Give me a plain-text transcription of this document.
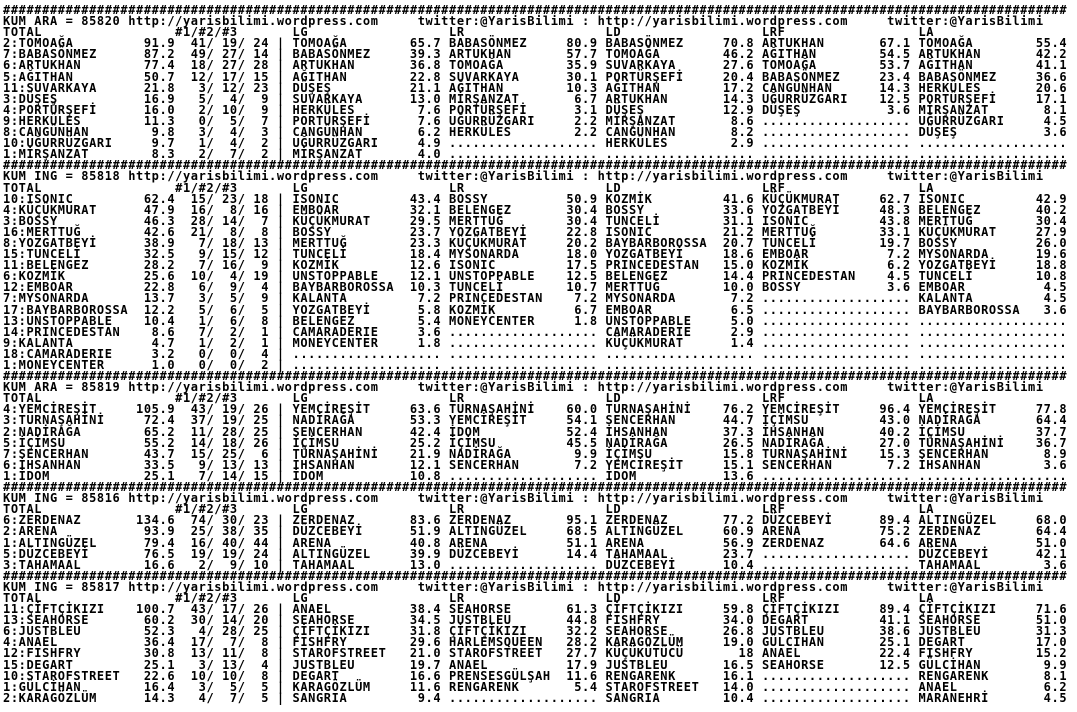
########################################################################################################################################
KUM ARA = 85820 http://yarisbilimi.wordpress.com     twitter:@YarisBilimi : http://yarisbilimi.wordpress.com     twitter:@YarisBilimi
TOTAL                 #1/#2/#3       LG                  LR                  LD                  LRF                 LA
2:TOMOAĞA         91.9  41/ 19/ 24 | TOMOAĞA        65.7 BABASÖNMEZ     80.9 BABASÖNMEZ     70.8 ARTUKHAN       67.1 TOMOAĞA        55.4
7:BABASÖNMEZ      87.2  49/ 27/ 14 | BABASÖNMEZ     39.3 ARTUKHAN       57.7 TOMOAĞA        46.2 AĞITHAN        54.5 ARTUKHAN       42.2
6:ARTUKHAN        77.4  18/ 27/ 28 | ARTUKHAN       36.8 TOMOAĞA        35.9 SUVARKAYA      27.6 TOMOAĞA        53.7 AĞITHAN        41.1
5:AĞITHAN         50.7  12/ 17/ 15 | AĞITHAN        22.8 SUVARKAYA      30.1 PORTÜRŞEFİ     20.4 BABASÖNMEZ     23.4 BABASÖNMEZ     36.6
11:SUVARKAYA      21.8   3/ 12/ 23 | DÜŞEŞ          21.1 AĞITHAN        10.3 AĞITHAN        17.2 CANGÜNHAN      14.3 HERKÜLES       20.6
3:DÜŞEŞ           16.9   5/  4/  9 | SUVARKAYA      13.0 MİRŞANZAT       6.7 ARTUKHAN       14.3 UĞURRÜZGARI    12.5 PORTÜRŞEFİ     17.1
4:PORTÜRŞEFİ      16.0   2/ 10/  9 | HERKÜLES        7.6 PORTÜRŞEFİ      3.1 DÜŞEŞ          12.9 DÜŞEŞ           3.6 MİRŞANZAT       8.1
9:HERKÜLES        11.3   0/  5/  7 | PORTÜRŞEFİ      7.6 UĞURRÜZGARI     2.2 MİRŞANZAT       8.6 ................... UĞURRÜZGARI     4.5
8:CANGÜNHAN        9.8   3/  4/  3 | CANGÜNHAN       6.2 HERKÜLES        2.2 CANGÜNHAN       8.2 ................... DÜŞEŞ           3.6
10:UĞURRÜZGARI     9.7   1/  4/  2 | UĞURRÜZGARI     4.9 ................... HERKÜLES        2.9 ................... ...................
1:MİRŞANZAT        8.3   2/  7/  2 | MİRŞANZAT       4.0 ................... ................... ................... ...................
########################################################################################################################################
KUM ING = 85818 http://yarisbilimi.wordpress.com     twitter:@YarisBilimi : http://yarisbilimi.wordpress.com     twitter:@YarisBilimi
TOTAL                 #1/#2/#3       LG                  LR                  LD                  LRF                 LA
10:ISONIC         62.4  15/ 23/ 18 | ISONIC         43.4 BOSSY          50.9 KOZMİK         41.6 KÜÇÜKMURAT     62.7 ISONIC         42.9
4:KÜÇÜKMURAT      47.9  16/  8/ 16 | EMBOAR         32.1 BELENGEZ       30.4 BOSSY          33.6 YOZGATBEYİ     48.3 BELENGEZ       40.2
3:BOSSY           46.3  28/ 14/  7 | KÜÇÜKMURAT     29.5 MERTTUĞ        30.4 TUNCELİ        31.1 ISONIC         43.8 MERTTUĞ        30.4
16:MERTTUĞ        42.6  21/  8/  8 | BOSSY          23.7 YOZGATBEYİ     22.8 ISONIC         21.2 MERTTUĞ        33.1 KÜÇÜKMURAT     27.9
8:YOZGATBEYİ      38.9   7/ 18/ 13 | MERTTUĞ        23.3 KÜÇÜKMURAT     20.2 BAYBARBOROSSA  20.7 TUNCELİ        19.7 BOSSY          26.0
15:TUNCELİ        32.5   9/ 15/ 12 | TUNCELİ        18.4 MYSONARDA      18.0 YOZGATBEYİ     18.6 EMBOAR          7.2 MYSONARDA      19.6
11:BELENGEZ       28.2   7/ 16/  9 | KOZMİK         12.6 ISONIC         17.5 PRINCEDESTAN   15.0 KOZMİK          6.2 YOZGATBEYİ     18.8
6:KOZMİK          25.6  10/  4/ 19 | UNSTOPPABLE    12.1 UNSTOPPABLE    12.5 BELENGEZ       14.4 PRINCEDESTAN    4.5 TUNCELİ        10.8
12:EMBOAR         22.8   6/  9/  4 | BAYBARBOROSSA  10.3 TUNCELİ        10.7 MERTTUĞ        10.0 BOSSY           3.6 EMBOAR          4.5
7:MYSONARDA       13.7   3/  5/  9 | KALANTA         7.2 PRINCEDESTAN    7.2 MYSONARDA       7.2 ................... KALANTA         4.5
17:BAYBARBOROSSA  12.2   5/  6/  5 | YOZGATBEYİ      5.8 KOZMİK          6.7 EMBOAR          6.5 ................... BAYBARBOROSSA   3.6
13:UNSTOPPABLE    10.4   1/  6/  8 | BELENGEZ        5.4 MONEYCENTER     1.8 UNSTOPPABLE     5.0 ................... ...................
14:PRINCEDESTAN    8.6   7/  2/  1 | CAMARADERIE     3.6 ................... CAMARADERIE     2.9 ................... ...................
9:KALANTA          4.7   1/  2/  1 | MONEYCENTER     1.8 ................... KÜÇÜKMURAT      1.4 ................... ...................
18:CAMARADERIE     3.2   0/  0/  4 | ................... ................... ................... ................... ...................
1:MONEYCENTER      1.0   0/  0/  2 | ................... ................... ................... ................... ...................
########################################################################################################################################
KUM ARA = 85819 http://yarisbilimi.wordpress.com     twitter:@YarisBilimi : http://yarisbilimi.wordpress.com     twitter:@YarisBilimi
TOTAL                 #1/#2/#3       LG                  LR                  LD                  LRF                 LA
4:YEMCİREŞİT     105.9  43/ 19/ 26 | YEMCİREŞİT     63.6 TURNAŞAHİNİ    60.0 TURNAŞAHİNİ    76.2 YEMCİREŞİT     96.4 YEMCİREŞİT     77.8
3:TURNAŞAHİNİ     72.4  37/ 19/ 25 | NADİRAĞA       53.3 YEMCİREŞİT     54.1 SENCERHAN      44.7 İÇİMSU         43.0 NADİRAĞA       64.4
2:NADİRAĞA        65.2  11/ 28/ 25 | SENCERHAN      42.4 İDOM           52.4 İHSANHAN       37.3 İHSANHAN       40.2 İÇİMSU         37.7
5:İÇİMSU          55.2  14/ 18/ 26 | İÇİMSU         25.2 İÇİMSU         45.5 NADİRAĞA       26.5 NADİRAĞA       27.0 TÜRNAŞAHİNİ    36.7
7:SENCERHAN       43.7  15/ 25/  6 | TÜRNAŞAHİNİ    21.9 NADİRAĞA        9.9 İÇİMSU         15.8 TURNAŞAHİNİ    15.3 SENCERHAN       8.9
6:İHSANHAN        33.5   9/ 13/ 13 | İHSANHAN       12.1 SENCERHAN       7.2 YEMCİREŞİT     15.1 SENCERHAN       7.2 İHSANHAN        3.6
1:İDOM            25.1   7/ 14/ 15 | İDOM           10.8 ................... İDOM           13.6 ................... ...................
########################################################################################################################################
KUM ING = 85816 http://yarisbilimi.wordpress.com     twitter:@YarisBilimi : http://yarisbilimi.wordpress.com     twitter:@YarisBilimi
TOTAL                 #1/#2/#3       LG                  LR                  LD                  LRF                 LA
6:ZERDENAZ       134.6  74/ 30/ 23 | ZERDENAZ       83.6 ZERDENAZ       95.1 ZERDENAZ       77.2 DÜZCEBEYİ      89.4 ALTINGÜZEL     68.0
2:ARENA           93.9  25/ 38/ 35 | DÜZCEBEYİ      51.9 ALTINGÜZEL     68.5 ALTINGÜZEL     60.9 ARENA          75.2 ZERDENAZ       64.4
1:ALTINGÜZEL      79.4  16/ 40/ 44 | ARENA          40.8 ARENA          51.1 ARENA          56.9 ZERDENAZ       64.6 ARENA          51.0
5:DÜZCEBEYİ       76.5  19/ 19/ 24 | ALTINGÜZEL     39.9 DÜZCEBEYİ      14.4 TAHAMAAL       23.7 ................... DÜZCEBEYİ      42.1
3:TAHAMAAL        16.6   2/  9/ 10 | TAHAMAAL       13.0 ................... DÜZCEBEYİ      10.4 ................... TAHAMAAL        3.6
########################################################################################################################################
KUM ING = 85817 http://yarisbilimi.wordpress.com     twitter:@YarisBilimi : http://yarisbilimi.wordpress.com     twitter:@YarisBilimi
TOTAL                 #1/#2/#3       LG                  LR                  LD                  LRF                 LA
11:ÇİFTÇİKIZI    100.7  43/ 17/ 26 | ANAEL          38.4 SEAHORSE       61.3 ÇİFTÇİKIZI     59.8 ÇİFTÇİKIZI     89.4 ÇİFTÇİKIZI     71.6
13:SEAHORSE       60.2  30/ 14/ 20 | SEAHORSE       34.5 JUSTBLEU       44.8 FISHFRY        34.0 DEGART         41.1 SEAHORSE       51.0
6:JUSTBLEU        52.3   4/ 28/ 25 | ÇİFTÇİKIZI     31.8 ÇİFTÇİKIZI     32.2 SEAHORSE       26.8 JUSTBLEU       38.6 JUSTBLEU       31.3
4:ANAEL           36.4  17/  7/  8 | FISHFRY        29.6 HARLEMSQUEEN   28.2 KARAGÖZLÜM     19.0 GÜLCIHAN       25.1 DEGART         17.0
12:FISHFRY        30.8  13/ 11/  8 | STAROFSTREET   21.0 STAROFSTREET   27.7 KÜÇÜKÜTÜCÜ       18 ANAEL          22.4 FISHFRY        15.2
15:DEGART         25.1   3/ 13/  4 | JUSTBLEU       19.7 ANAEL          17.9 JUSTBLEU       16.5 SEAHORSE       12.5 GÜLCİHAN        9.9
10:STAROFSTREET   22.6  10/ 10/  8 | DEGART         16.6 PRENSESGÜLŞAH  11.6 RENGARENK      16.1 ................... RENGARENK       8.1
1:GÜLCİHAN        16.4   3/  5/  5 | KARAGÖZLÜM     11.6 RENGARENK       5.4 STAROFSTREET   14.0 ................... ANAEL           6.2
2:KARAGÖZLÜM      14.3   4/  7/  5 | SANGRIA         9.4 ................... SANGRIA        10.4 ................... MARANEHRİ       4.5
